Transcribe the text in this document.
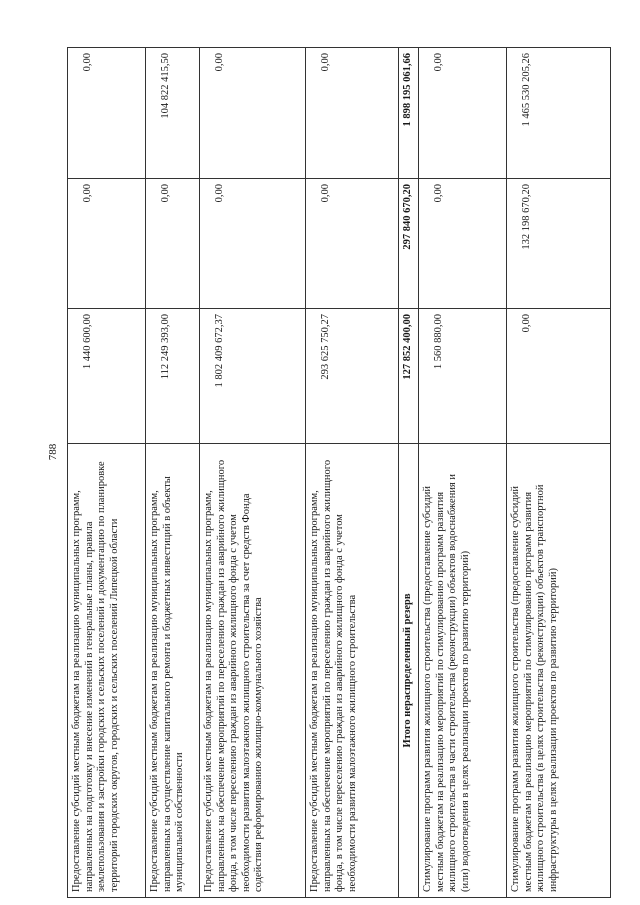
788
Предоставление субсидий местным бюджетам на реализацию муниципальных программ, направленных на подготовку и внесение изменений в генеральные планы, правила землепользования и застройки городских и сельских поселений и документацию по планировке территорий городских округов, городских и сельских поселений Липецкой области	1 440 600,00	0,00	0,00
Предоставление субсидий местным бюджетам на реализацию муниципальных программ, направленных на осуществление капитального ремонта и бюджетных инвестиций в объекты муниципальной собственности	112 249 393,00	0,00	104 822 415,50
Предоставление субсидий местным бюджетам на реализацию муниципальных программ, направленных на обеспечение мероприятий по переселению граждан из аварийного жилищного фонда, в том числе переселению граждан из аварийного жилищного фонда с учетом необходимости развития малоэтажного жилищного строительства за счет средств Фонда содействия реформированию жилищно-коммунального хозяйства	1 802 409 672,37	0,00	0,00
Предоставление субсидий местным бюджетам на реализацию муниципальных программ, направленных на обеспечение мероприятий по переселению граждан из аварийного жилищного фонда, в том числе переселению граждан из аварийного жилищного фонда с учетом необходимости развития малоэтажного жилищного строительства	293 625 750,27	0,00	0,00
Итого нераспределенный резерв	127 852 400,00	297 840 670,20	1 898 195 061,66
Стимулирование программ развития жилищного строительства (предоставление субсидий местным бюджетам на реализацию мероприятий по стимулированию программ развития жилищного строительства в части строительства (реконструкции) объектов водоснабжения и (или) водоотведения в целях реализации проектов по развитию территорий)	1 560 880,00	0,00	0,00
Стимулирование программ развития жилищного строительства (предоставление субсидий местным бюджетам на реализацию мероприятий по стимулированию программ развития жилищного строительства (в целях строительства (реконструкции) объектов транспортной инфраструктуры в целях реализации проектов по развитию территорий)	0,00	132 198 670,20	1 465 530 205,26
